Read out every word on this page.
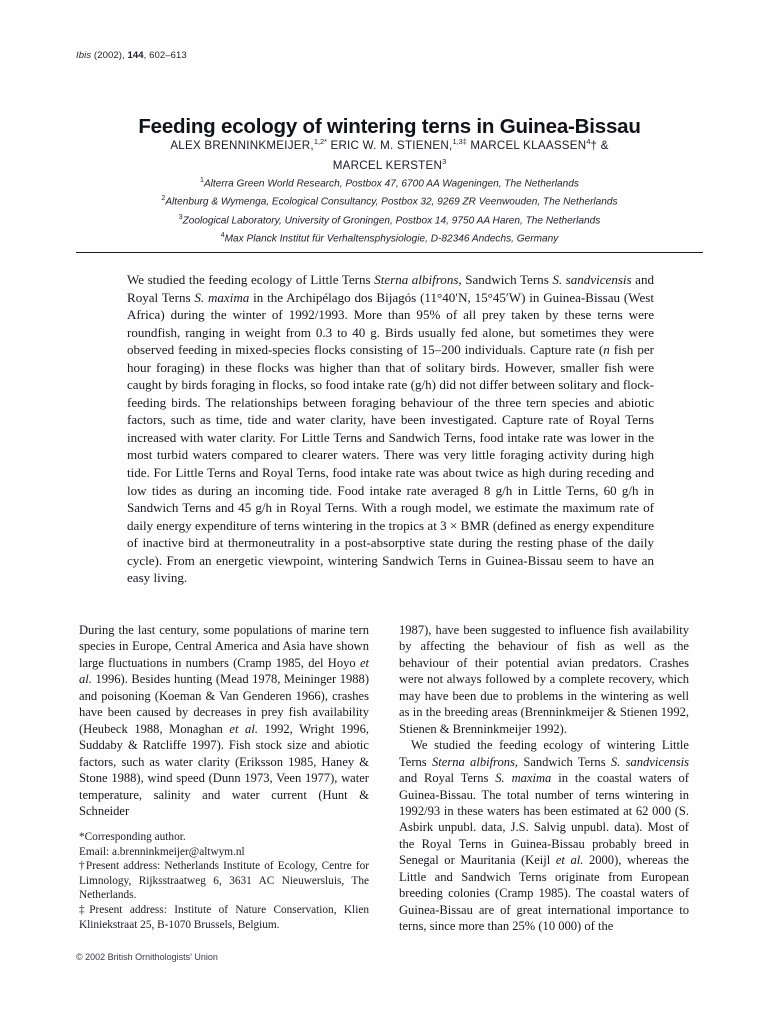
Ibis (2002), 144, 602–613
Feeding ecology of wintering terns in Guinea-Bissau
ALEX BRENNINKMEIJER,$^{1,2*}$ ERIC W. M. STIENEN,$^{1,3\ddagger}$ MARCEL KLAASSEN$^4$† &
MARCEL KERSTEN$^3$
$^1$Alterra Green World Research, Postbox 47, 6700 AA Wageningen, The Netherlands
$^2$Altenburg & Wymenga, Ecological Consultancy, Postbox 32, 9269 ZR Veenwouden, The Netherlands
$^3$Zoological Laboratory, University of Groningen, Postbox 14, 9750 AA Haren, The Netherlands
$^4$Max Planck Institut für Verhaltensphysiologie, D-82346 Andechs, Germany
We studied the feeding ecology of Little Terns Sterna albifrons, Sandwich Terns S. sandvicensis and Royal Terns S. maxima in the Archipélago dos Bijagós (11°40′N, 15°45′W) in Guinea-Bissau (West Africa) during the winter of 1992/1993. More than 95% of all prey taken by these terns were roundfish, ranging in weight from 0.3 to 40 g. Birds usually fed alone, but sometimes they were observed feeding in mixed-species flocks consisting of 15–200 individuals. Capture rate (n fish per hour foraging) in these flocks was higher than that of solitary birds. However, smaller fish were caught by birds foraging in flocks, so food intake rate (g/h) did not differ between solitary and flock-feeding birds. The relationships between foraging behaviour of the three tern species and abiotic factors, such as time, tide and water clarity, have been investigated. Capture rate of Royal Terns increased with water clarity. For Little Terns and Sandwich Terns, food intake rate was lower in the most turbid waters compared to clearer waters. There was very little foraging activity during high tide. For Little Terns and Royal Terns, food intake rate was about twice as high during receding and low tides as during an incoming tide. Food intake rate averaged 8 g/h in Little Terns, 60 g/h in Sandwich Terns and 45 g/h in Royal Terns. With a rough model, we estimate the maximum rate of daily energy expenditure of terns wintering in the tropics at 3 × BMR (defined as energy expenditure of inactive bird at thermoneutrality in a post-absorptive state during the resting phase of the daily cycle). From an energetic viewpoint, wintering Sandwich Terns in Guinea-Bissau seem to have an easy living.

During the last century, some populations of marine tern species in Europe, Central America and Asia have shown large fluctuations in numbers (Cramp 1985, del Hoyo et al. 1996). Besides hunting (Mead 1978, Meininger 1988) and poisoning (Koeman & Van Genderen 1966), crashes have been caused by decreases in prey fish availability (Heubeck 1988, Monaghan et al. 1992, Wright 1996, Suddaby & Ratcliffe 1997). Fish stock size and abiotic factors, such as water clarity (Eriksson 1985, Haney & Stone 1988), wind speed (Dunn 1973, Veen 1977), water temperature, salinity and water current (Hunt & Schneider

1987), have been suggested to influence fish availability by affecting the behaviour of fish as well as the behaviour of their potential avian predators. Crashes were not always followed by a complete recovery, which may have been due to problems in the wintering as well as in the breeding areas (Brenninkmeijer & Stienen 1992, Stienen & Brenninkmeijer 1992).

We studied the feeding ecology of wintering Little Terns Sterna albifrons, Sandwich Terns S. sandvicensis and Royal Terns S. maxima in the coastal waters of Guinea-Bissau. The total number of terns wintering in 1992/93 in these waters has been estimated at 62 000 (S. Asbirk unpubl. data, J.S. Salvig unpubl. data). Most of the Royal Terns in Guinea-Bissau probably breed in Senegal or Mauritania (Keijl et al. 2000), whereas the Little and Sandwich Terns originate from European breeding colonies (Cramp 1985). The coastal waters of Guinea-Bissau are of great international importance to terns, since more than 25% (10 000) of the

*Corresponding author.

Email: a.brenninkmeijer@altwym.nl

†Present address: Netherlands Institute of Ecology, Centre for Limnology, Rijksstraatweg 6, 3631 AC Nieuwersluis, The Netherlands.

‡Present address: Institute of Nature Conservation, Klien Kliniekstraat 25, B-1070 Brussels, Belgium.

© 2002 British Ornithologists’ Union
